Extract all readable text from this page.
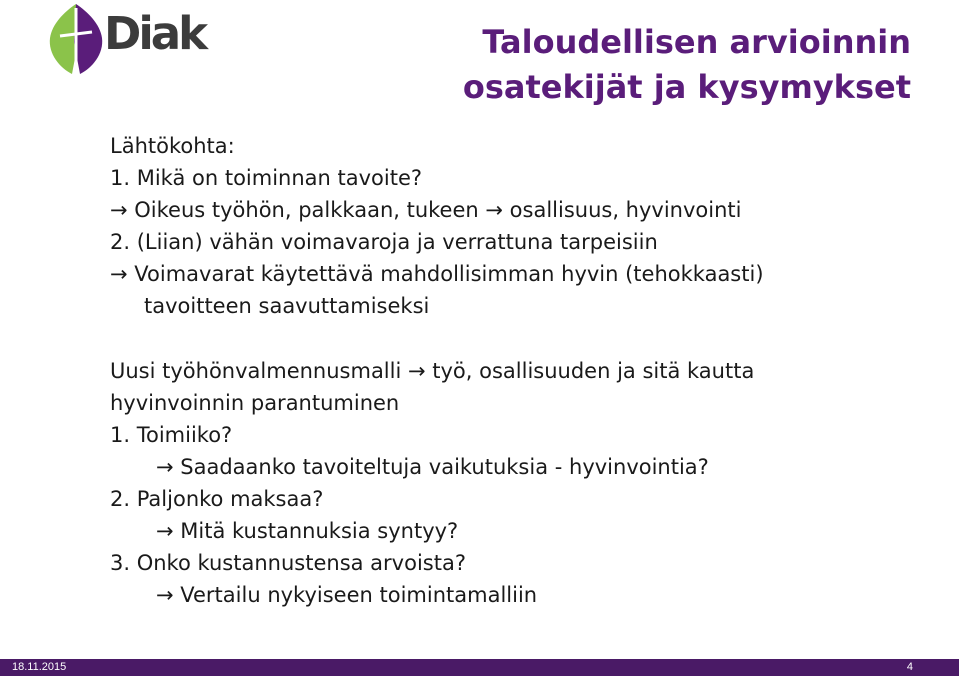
Diak	Taloudellisen arvioinnin
osatekijät ja kysymykset
Lähtökohta:
1. Mikä on toiminnan tavoite?
→ Oikeus työhön, palkkaan, tukeen → osallisuus, hyvinvointi
2. (Liian) vähän voimavaroja ja verrattuna tarpeisiin
→ Voimavarat käytettävä mahdollisimman hyvin (tehokkaasti)
tavoitteen saavuttamiseksi
Uusi työhönvalmennusmalli → työ, osallisuuden ja sitä kautta
hyvinvoinnin parantuminen
1. Toimiiko?
→ Saadaanko tavoiteltuja vaikutuksia - hyvinvointia?
2. Paljonko maksaa?
→ Mitä kustannuksia syntyy?
3. Onko kustannustensa arvoista?
→ Vertailu nykyiseen toimintamalliin
18.11.2015	4
